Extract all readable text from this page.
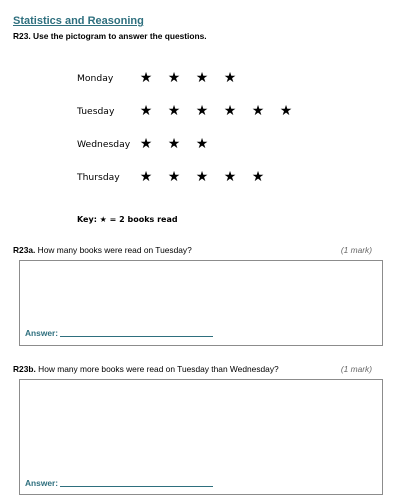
Statistics and Reasoning
R23. Use the pictogram to answer the questions.
Monday ★ ★ ★ ★
Tuesday ★ ★ ★ ★ ★ ★
Wednesday ★ ★ ★
Thursday ★ ★ ★ ★ ★
Key: ★ = 2 books read
R23a. How many books were read on Tuesday?	(1 mark)
Answer:
R23b. How many more books were read on Tuesday than Wednesday?	(1 mark)
Answer:
